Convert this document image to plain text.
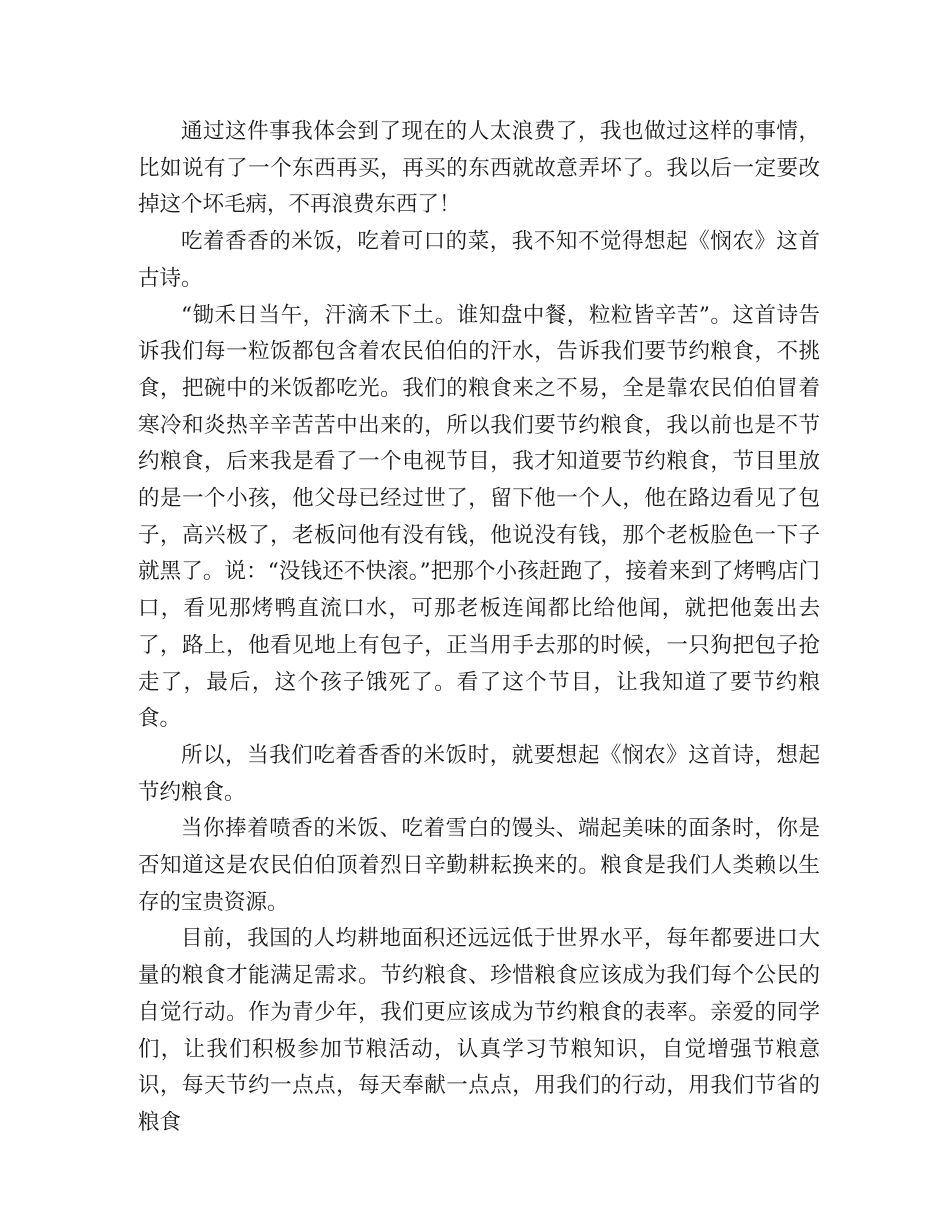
通过这件事我体会到了现在的人太浪费了，我也做过这样的事情，比如说有了一个东西再买，再买的东西就故意弄坏了。我以后一定要改掉这个坏毛病，不再浪费东西了！

吃着香香的米饭，吃着可口的菜，我不知不觉得想起《悯农》这首古诗。

“锄禾日当午，汗滴禾下土。谁知盘中餐，粒粒皆辛苦”。这首诗告诉我们每一粒饭都包含着农民伯伯的汗水，告诉我们要节约粮食，不挑食，把碗中的米饭都吃光。我们的粮食来之不易，全是靠农民伯伯冒着寒冷和炎热辛辛苦苦中出来的，所以我们要节约粮食，我以前也是不节约粮食，后来我是看了一个电视节目，我才知道要节约粮食，节目里放的是一个小孩，他父母已经过世了，留下他一个人，他在路边看见了包子，高兴极了，老板问他有没有钱，他说没有钱，那个老板脸色一下子就黑了。说：“没钱还不快滚。”把那个小孩赶跑了，接着来到了烤鸭店门口，看见那烤鸭直流口水，可那老板连闻都比给他闻，就把他轰出去了，路上，他看见地上有包子，正当用手去那的时候，一只狗把包子抢走了，最后，这个孩子饿死了。看了这个节目，让我知道了要节约粮食。

所以，当我们吃着香香的米饭时，就要想起《悯农》这首诗，想起节约粮食。

当你捧着喷香的米饭、吃着雪白的馒头、端起美味的面条时，你是否知道这是农民伯伯顶着烈日辛勤耕耘换来的。粮食是我们人类赖以生存的宝贵资源。

目前，我国的人均耕地面积还远远低于世界水平，每年都要进口大量的粮食才能满足需求。节约粮食、珍惜粮食应该成为我们每个公民的自觉行动。作为青少年，我们更应该成为节约粮食的表率。亲爱的同学们，让我们积极参加节粮活动，认真学习节粮知识，自觉增强节粮意识，每天节约一点点，每天奉献一点点，用我们的行动，用我们节省的粮食
